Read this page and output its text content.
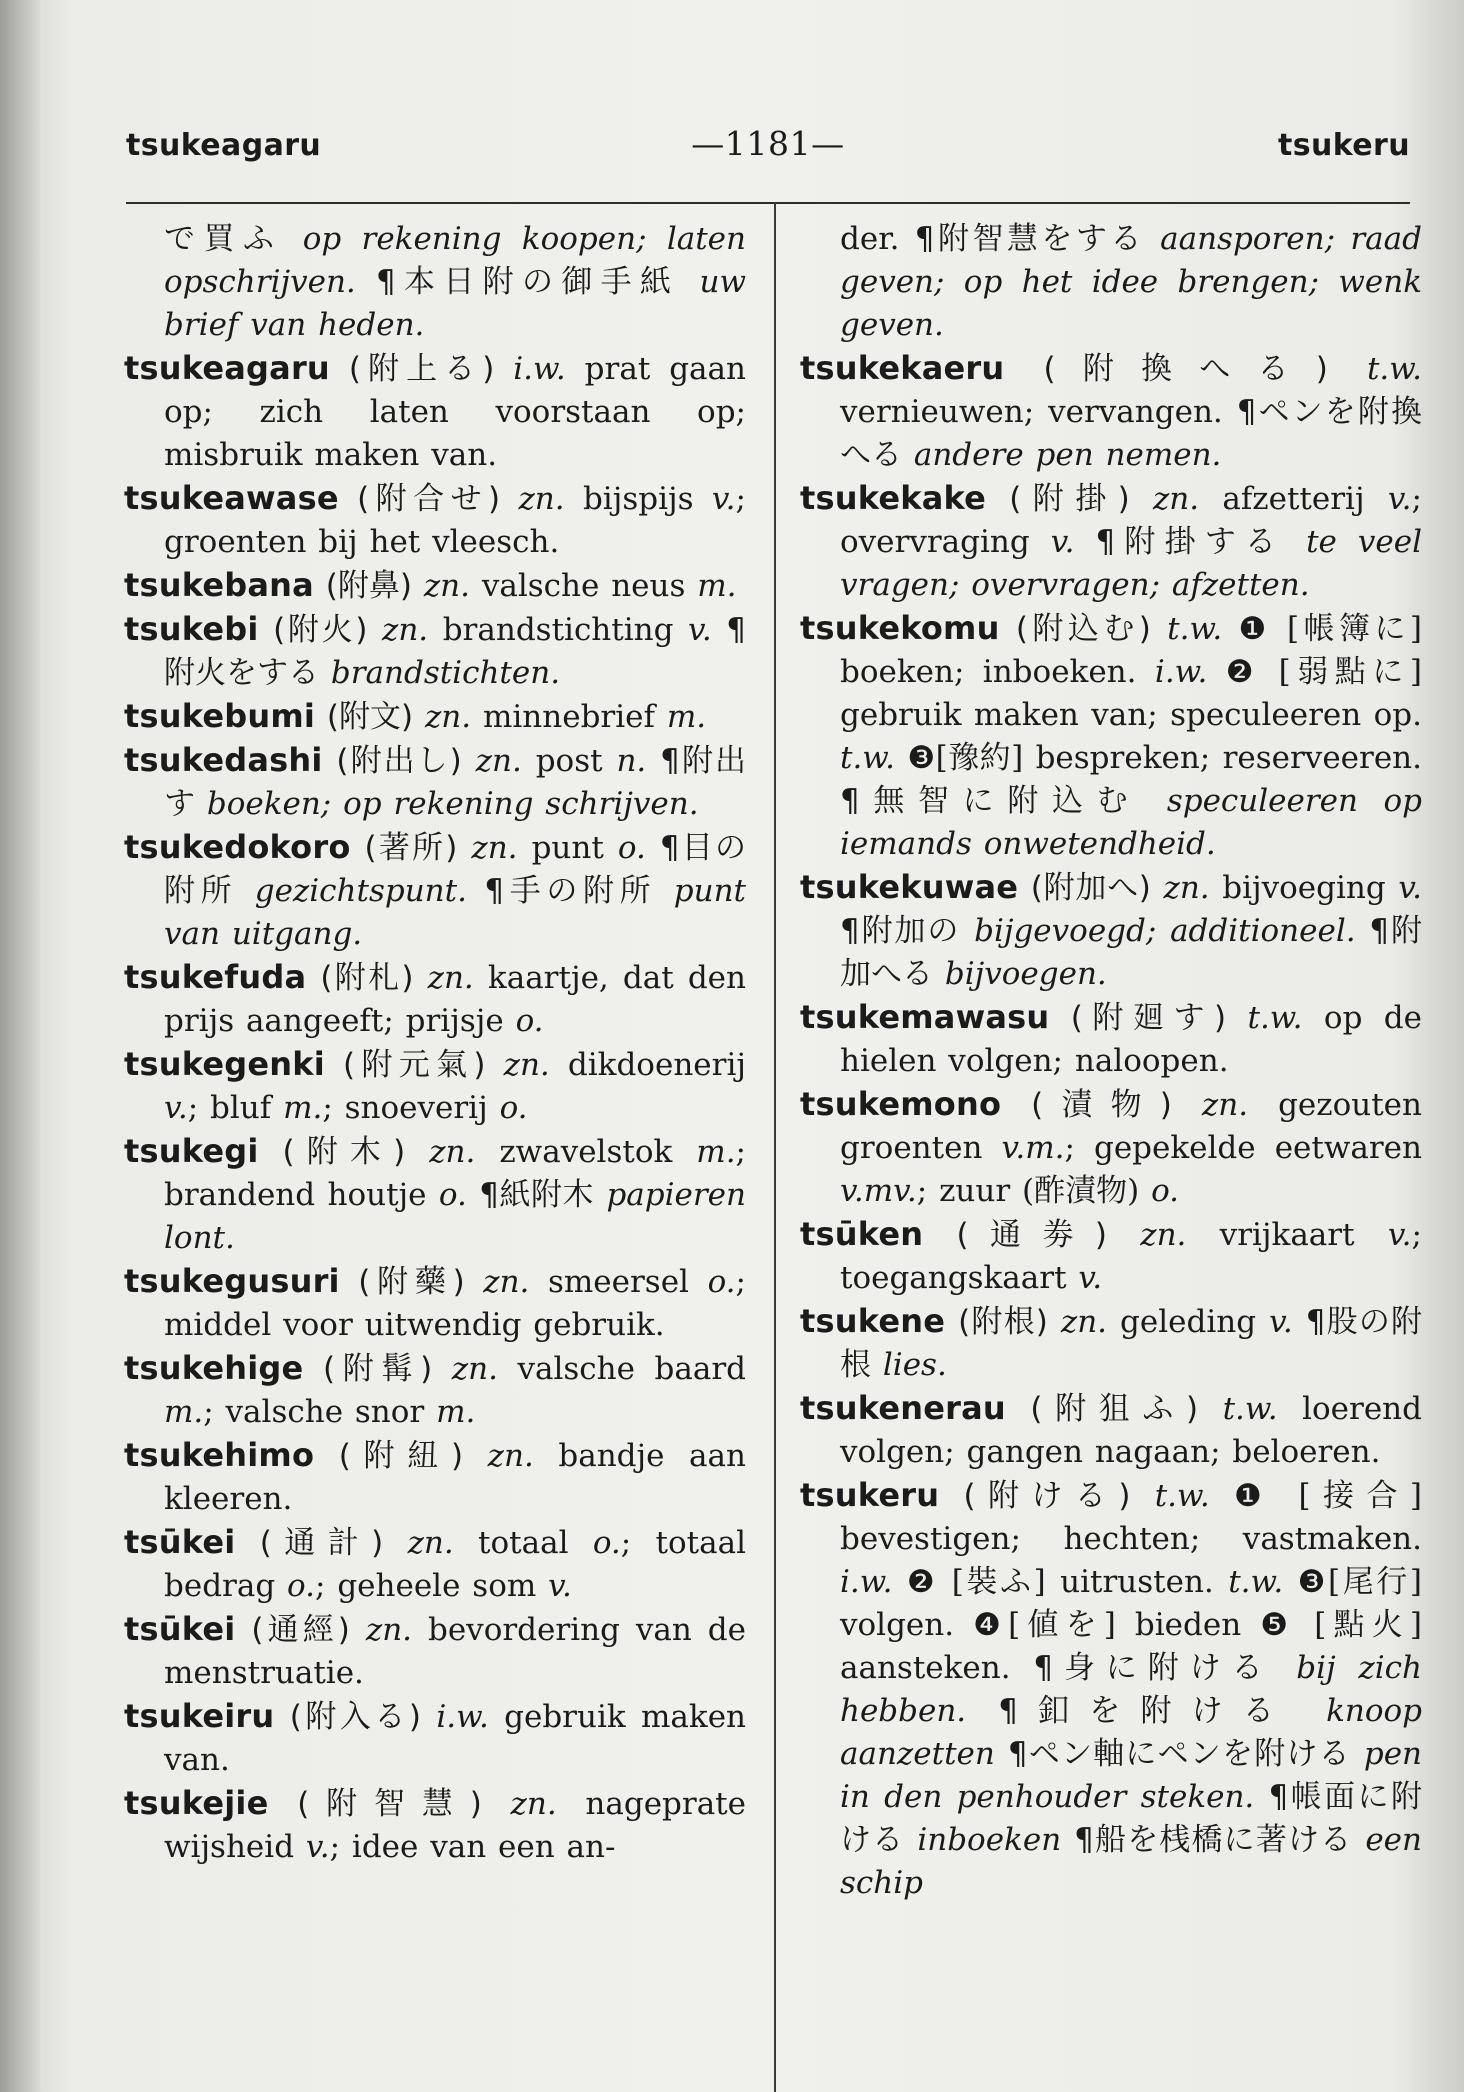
tsukeagaru	—1181—	tsukeru

で買ふ op rekening koopen; laten opschrijven. ¶本日附の御手紙 uw brief van heden.

tsukeagaru (附上る) i.w. prat gaan op; zich laten voorstaan op; misbruik maken van.

tsukeawase (附合せ) zn. bijspijs v.; groenten bij het vleesch.

tsukebana (附鼻) zn. valsche neus m.

tsukebi (附火) zn. brandstichting v. ¶附火をする brandstichten.

tsukebumi (附文) zn. minnebrief m.

tsukedashi (附出し) zn. post n. ¶附出す boeken; op rekening schrijven.

tsukedokoro (著所) zn. punt o. ¶目の附所 gezichtspunt. ¶手の附所 punt van uitgang.

tsukefuda (附札) zn. kaartje, dat den prijs aangeeft; prijsje o.

tsukegenki (附元氣) zn. dikdoenerij v.; bluf m.; snoeverij o.

tsukegi (附木) zn. zwavelstok m.; brandend houtje o. ¶紙附木 papieren lont.

tsukegusuri (附藥) zn. smeersel o.; middel voor uitwendig gebruik.

tsukehige (附髯) zn. valsche baard m.; valsche snor m.

tsukehimo (附紐) zn. bandje aan kleeren.

tsūkei (通計) zn. totaal o.; totaal bedrag o.; geheele som v.

tsūkei (通經) zn. bevordering van de menstruatie.

tsukeiru (附入る) i.w. gebruik maken van.

tsukejie (附智慧) zn. nageprate wijsheid v.; idee van een an-

der. ¶附智慧をする aansporen; raad geven; op het idee brengen; wenk geven.

tsukekaeru (附換へる) t.w. vernieuwen; vervangen. ¶ペンを附換へる andere pen nemen.

tsukekake (附掛) zn. afzetterij v.; overvraging v. ¶附掛する te veel vragen; overvragen; afzetten.

tsukekomu (附込む) t.w. ❶ [帳簿に] boeken; inboeken. i.w. ❷ [弱點に] gebruik maken van; speculeeren op. t.w. ❸[豫約] bespreken; reserveeren. ¶無智に附込む speculeeren op iemands onwetendheid.

tsukekuwae (附加へ) zn. bijvoeging v. ¶附加の bijgevoegd; additioneel. ¶附加へる bijvoegen.

tsukemawasu (附廻す) t.w. op de hielen volgen; naloopen.

tsukemono (漬物) zn. gezouten groenten v.m.; gepekelde eetwaren v.mv.; zuur (酢漬物) o.

tsūken (通劵) zn. vrijkaart v.; toegangskaart v.

tsukene (附根) zn. geleding v. ¶股の附根 lies.

tsukenerau (附狙ふ) t.w. loerend volgen; gangen nagaan; beloeren.

tsukeru (附ける) t.w. ❶ [接合] bevestigen; hechten; vastmaken. i.w. ❷ [裝ふ] uitrusten. t.w. ❸[尾行] volgen. ❹[値を] bieden ❺ [點火] aansteken. ¶身に附ける bij zich hebben. ¶釦を附ける knoop aanzetten ¶ペン軸にペンを附ける pen in den penhouder steken. ¶帳面に附ける inboeken ¶船を桟橋に著ける een schip
